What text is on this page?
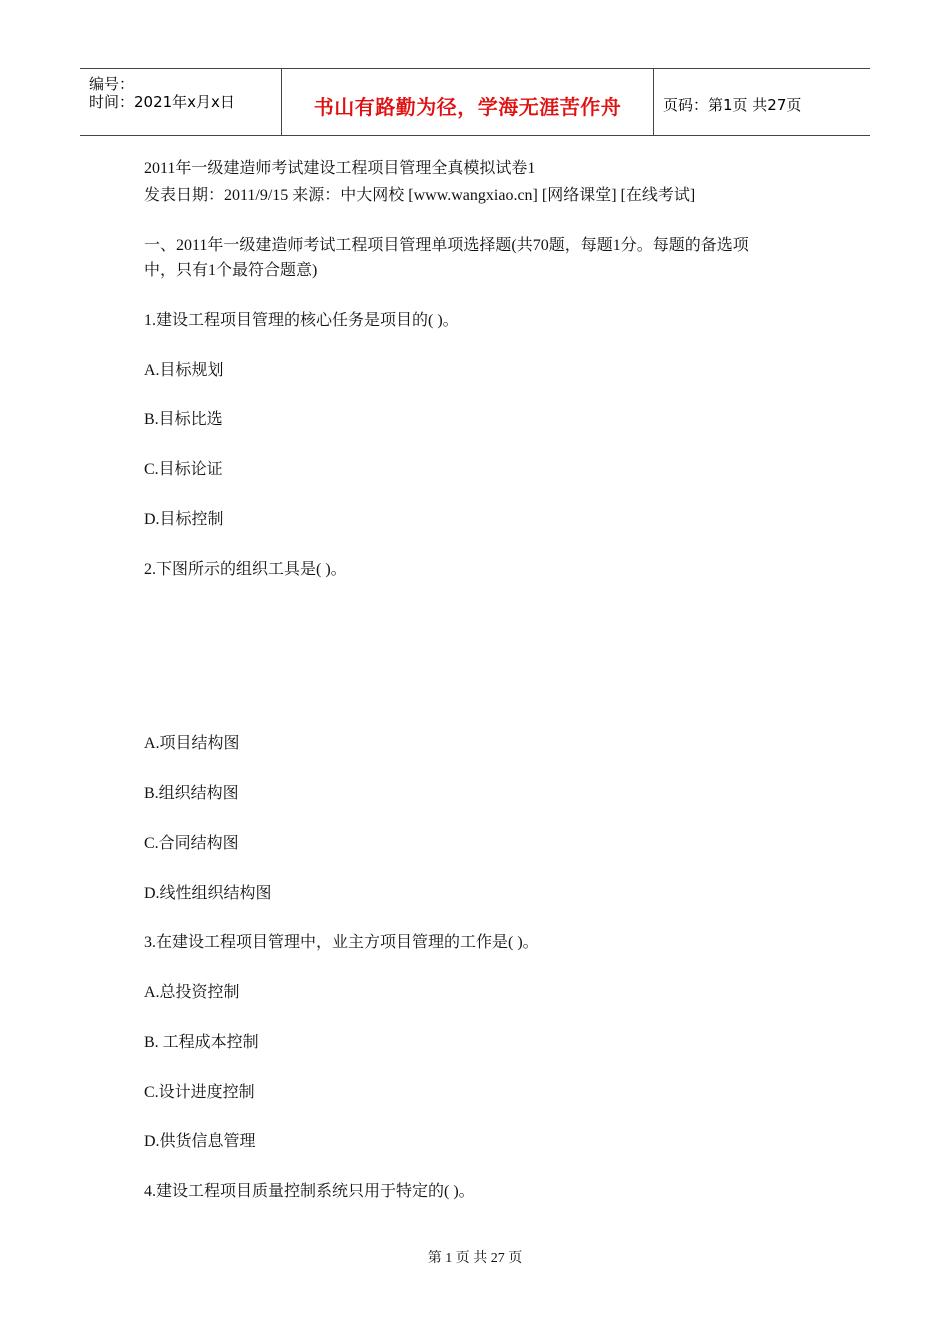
编号：
时间：2021年x月x日	书山有路勤为径，学海无涯苦作舟	页码：第1页 共27页
2011年一级建造师考试建设工程项目管理全真模拟试卷1
发表日期：2011/9/15 来源：中大网校 [www.wangxiao.cn] [网络课堂] [在线考试]
一、2011年一级建造师考试工程项目管理单项选择题(共70题，每题1分。每题的备选项
中，只有1个最符合题意)
1.建设工程项目管理的核心任务是项目的( )。
A.目标规划
B.目标比选
C.目标论证
D.目标控制
2.下图所示的组织工具是( )。
A.项目结构图
B.组织结构图
C.合同结构图
D.线性组织结构图
3.在建设工程项目管理中，业主方项目管理的工作是( )。
A.总投资控制
B. 工程成本控制
C.设计进度控制
D.供货信息管理
4.建设工程项目质量控制系统只用于特定的( )。
第 1 页 共 27 页
